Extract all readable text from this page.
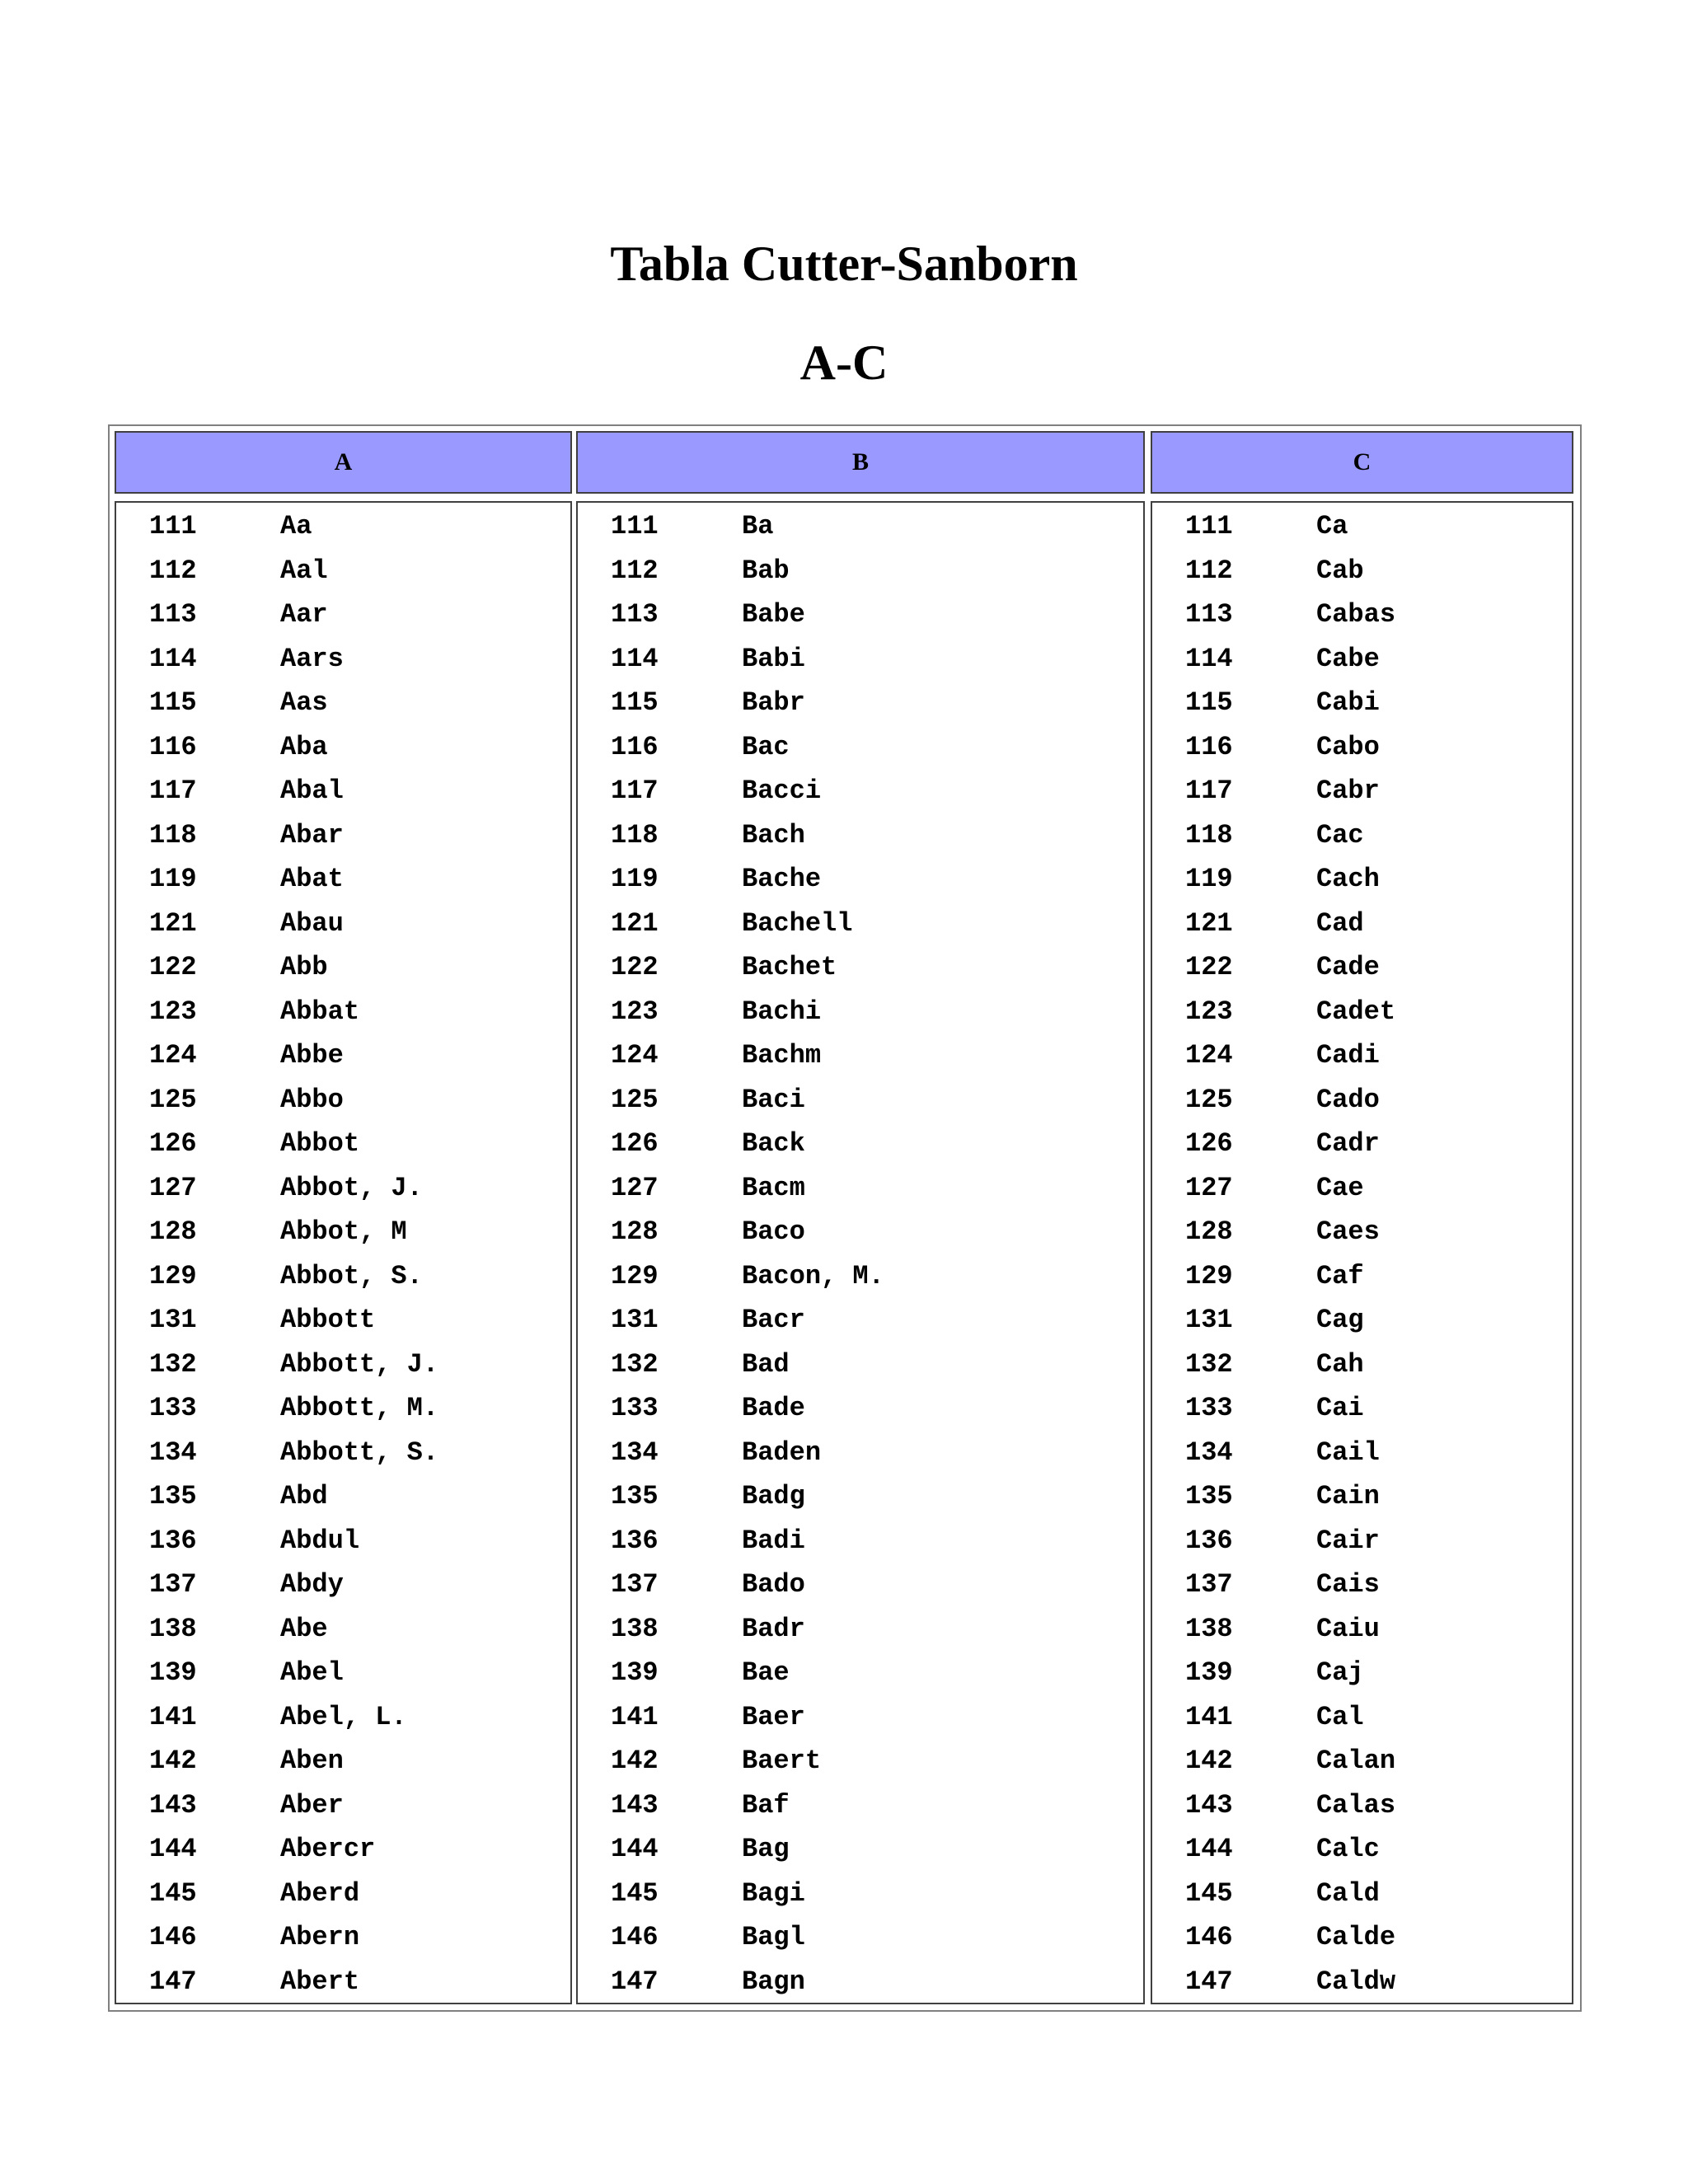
Tabla Cutter-Sanborn
A-C
A
111	Aa
112	Aal
113	Aar
114	Aars
115	Aas
116	Aba
117	Abal
118	Abar
119	Abat
121	Abau
122	Abb
123	Abbat
124	Abbe
125	Abbo
126	Abbot
127	Abbot, J.
128	Abbot, M
129	Abbot, S.
131	Abbott
132	Abbott, J.
133	Abbott, M.
134	Abbott, S.
135	Abd
136	Abdul
137	Abdy
138	Abe
139	Abel
141	Abel, L.
142	Aben
143	Aber
144	Abercr
145	Aberd
146	Abern
147	Abert
B
111	Ba
112	Bab
113	Babe
114	Babi
115	Babr
116	Bac
117	Bacci
118	Bach
119	Bache
121	Bachell
122	Bachet
123	Bachi
124	Bachm
125	Baci
126	Back
127	Bacm
128	Baco
129	Bacon, M.
131	Bacr
132	Bad
133	Bade
134	Baden
135	Badg
136	Badi
137	Bado
138	Badr
139	Bae
141	Baer
142	Baert
143	Baf
144	Bag
145	Bagi
146	Bagl
147	Bagn
C
111	Ca
112	Cab
113	Cabas
114	Cabe
115	Cabi
116	Cabo
117	Cabr
118	Cac
119	Cach
121	Cad
122	Cade
123	Cadet
124	Cadi
125	Cado
126	Cadr
127	Cae
128	Caes
129	Caf
131	Cag
132	Cah
133	Cai
134	Cail
135	Cain
136	Cair
137	Cais
138	Caiu
139	Caj
141	Cal
142	Calan
143	Calas
144	Calc
145	Cald
146	Calde
147	Caldw
